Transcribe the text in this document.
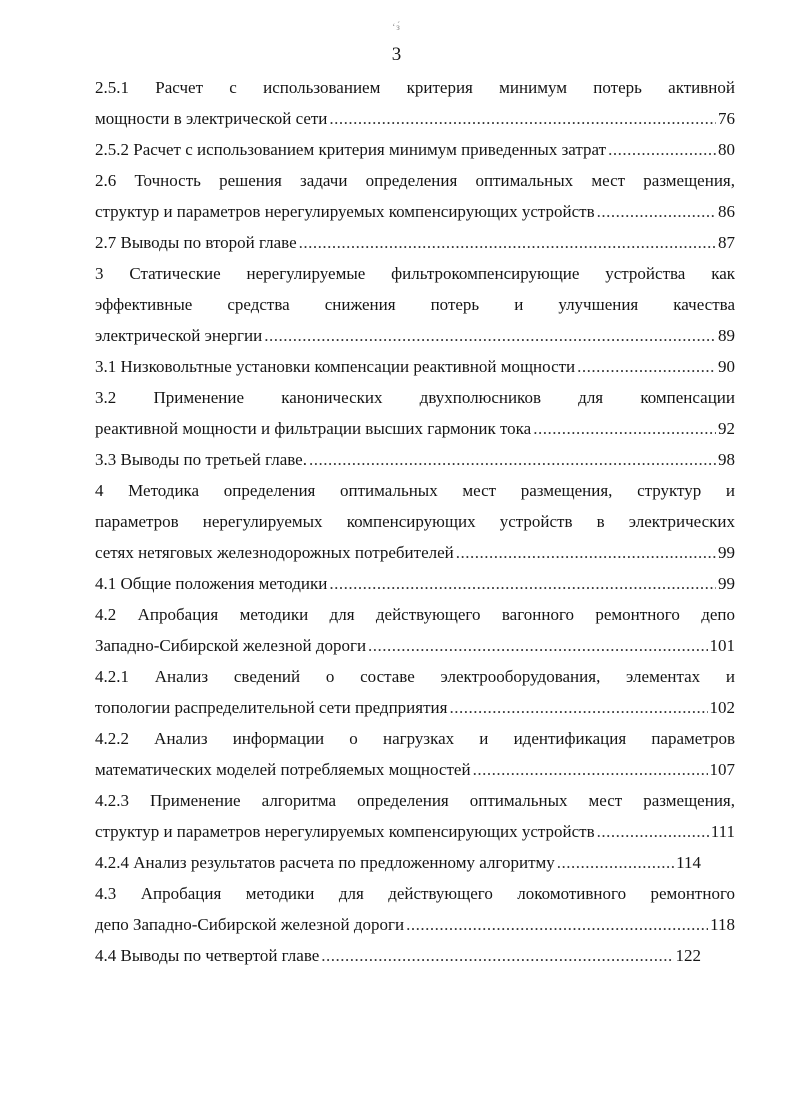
ʻз́
3
2.5.1 Расчет с использованием критерия минимум потерь активной
мощности в электрической сети .....	76
2.5.2 Расчет с использованием критерия минимум приведенных затрат .....	80
2.6 Точность решения задачи определения оптимальных мест размещения,
структур и параметров нерегулируемых компенсирующих устройств .....	86
2.7 Выводы по второй главе .....	87
3 Статические нерегулируемые фильтрокомпенсирующие устройства как
эффективные средства снижения потерь и улучшения качества
электрической энергии .....	89
3.1 Низковольтные установки компенсации реактивной мощности .....	90
3.2 Применение канонических двухполюсников для компенсации
реактивной мощности и фильтрации высших гармоник тока .....	92
3.3 Выводы по третьей главе. .....	98
4 Методика определения оптимальных мест размещения, структур и
параметров нерегулируемых компенсирующих устройств в электрических
сетях нетяговых железнодорожных потребителей .....	99
4.1 Общие положения методики .....	99
4.2 Апробация методики для действующего вагонного ремонтного депо
Западно-Сибирской железной дороги .....	101
4.2.1 Анализ сведений о составе электрооборудования, элементах и
топологии распределительной сети предприятия .....	102
4.2.2 Анализ информации о нагрузках и идентификация параметров
математических моделей потребляемых мощностей .....	107
4.2.3 Применение алгоритма определения оптимальных мест размещения,
структур и параметров нерегулируемых компенсирующих устройств .....	111
4.2.4 Анализ результатов расчета по предложенному алгоритму .....	114
4.3 Апробация методики для действующего локомотивного ремонтного
депо Западно-Сибирской железной дороги .....	118
4.4 Выводы по четвертой главе .....	122
